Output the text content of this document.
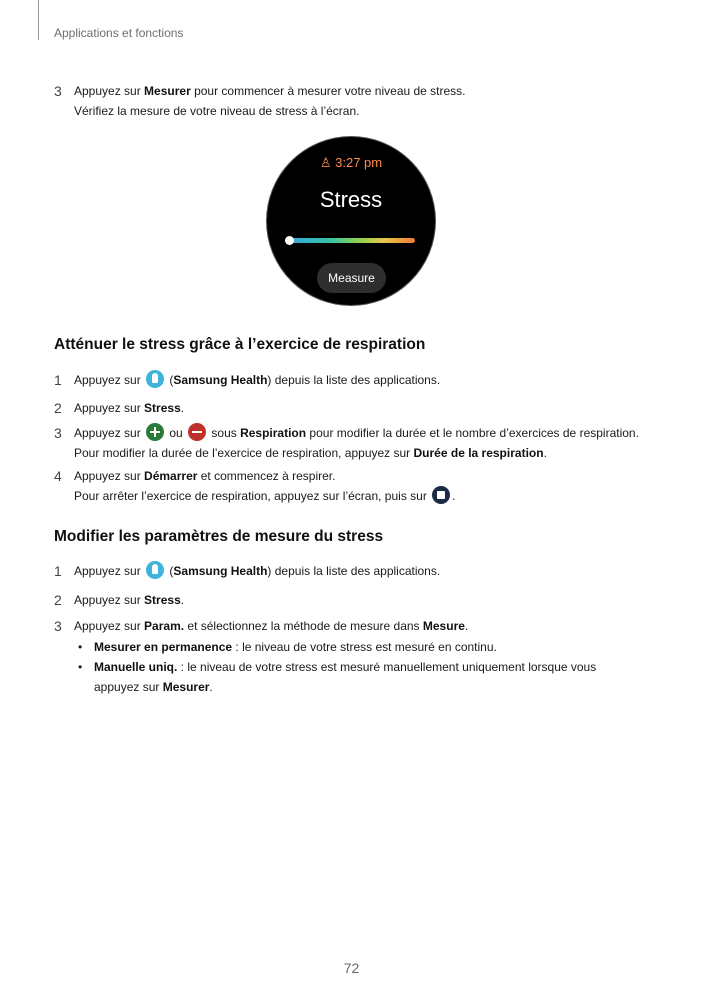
Applications et fonctions
3 Appuyez sur Mesurer pour commencer à mesurer votre niveau de stress.
Vérifiez la mesure de votre niveau de stress à l’écran.
♙ 3:27 pm
Stress
Measure
Atténuer le stress grâce à l’exercice de respiration
1 Appuyez sur  (Samsung Health) depuis la liste des applications.
2 Appuyez sur Stress.
3 Appuyez sur  ou  sous Respiration pour modifier la durée et le nombre d’exercices de respiration.
Pour modifier la durée de l’exercice de respiration, appuyez sur Durée de la respiration.
4 Appuyez sur Démarrer et commencez à respirer.
Pour arrêter l’exercice de respiration, appuyez sur l’écran, puis sur .
Modifier les paramètres de mesure du stress
1 Appuyez sur  (Samsung Health) depuis la liste des applications.
2 Appuyez sur Stress.
3 Appuyez sur Param. et sélectionnez la méthode de mesure dans Mesure.
• Mesurer en permanence : le niveau de votre stress est mesuré en continu.
• Manuelle uniq. : le niveau de votre stress est mesuré manuellement uniquement lorsque vous
appuyez sur Mesurer.
72
